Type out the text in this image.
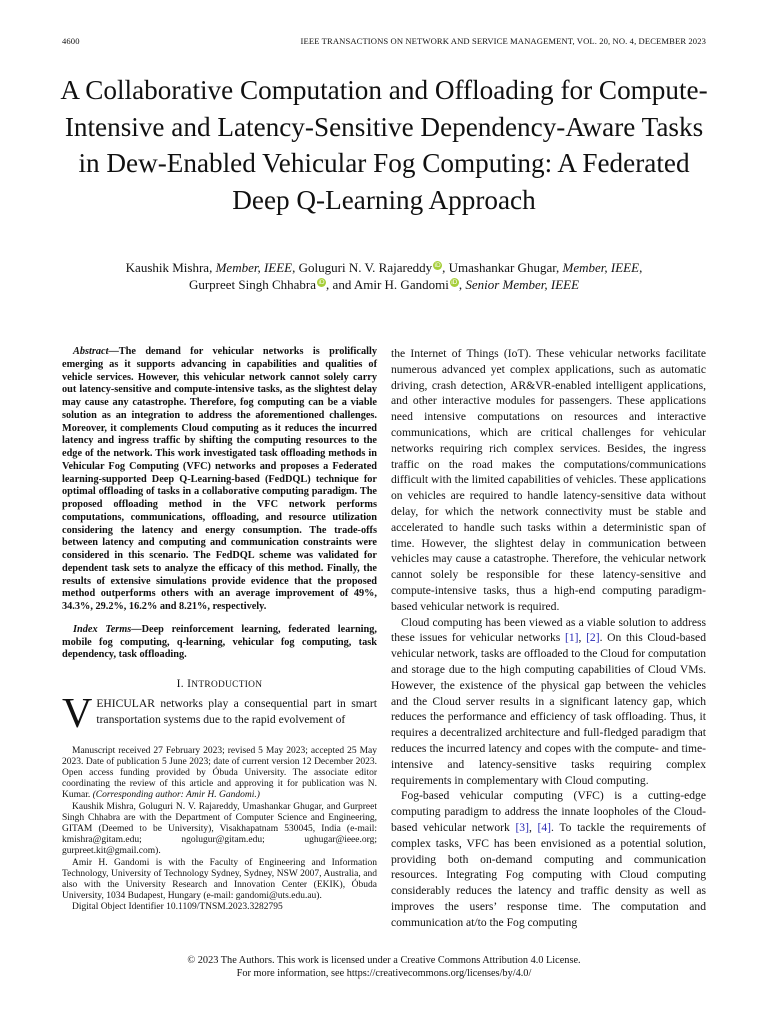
4600	IEEE TRANSACTIONS ON NETWORK AND SERVICE MANAGEMENT, VOL. 20, NO. 4, DECEMBER 2023
A Collaborative Computation and Offloading for Compute-Intensive and Latency-Sensitive Dependency-Aware Tasks in Dew-Enabled Vehicular Fog Computing: A Federated Deep Q-Learning Approach
Kaushik Mishra, Member, IEEE, Goluguri N. V. Rajareddy iD, Umashankar Ghugar, Member, IEEE,
Gurpreet Singh Chhabra iD, and Amir H. Gandomi iD, Senior Member, IEEE

Abstract—The demand for vehicular networks is prolifically emerging as it supports advancing in capabilities and qualities of vehicle services. However, this vehicular network cannot solely carry out latency-sensitive and compute-intensive tasks, as the slightest delay may cause any catastrophe. Therefore, fog computing can be a viable solution as an integration to address the aforementioned challenges. Moreover, it complements Cloud computing as it reduces the incurred latency and ingress traffic by shifting the computing resources to the edge of the network. This work investigated task offloading methods in Vehicular Fog Computing (VFC) networks and proposes a Federated learning-supported Deep Q-Learning-based (FedDQL) technique for optimal offloading of tasks in a collaborative computing paradigm. The proposed offloading method in the VFC network performs computations, communications, offloading, and resource utilization considering the latency and energy consumption. The trade-offs between latency and computing and communication constraints were considered in this scenario. The FedDQL scheme was validated for dependent task sets to analyze the efficacy of this method. Finally, the results of extensive simulations provide evidence that the proposed method outperforms others with an average improvement of 49%, 34.3%, 29.2%, 16.2% and 8.21%, respectively.

Index Terms—Deep reinforcement learning, federated learning, mobile fog computing, q-learning, vehicular fog computing, task dependency, task offloading.

I. INTRODUCTION

VEHICULAR networks play a consequential part in smart transportation systems due to the rapid evolvement of

Manuscript received 27 February 2023; revised 5 May 2023; accepted 25 May 2023. Date of publication 5 June 2023; date of current version 12 December 2023. Open access funding provided by Óbuda University. The associate editor coordinating the review of this article and approving it for publication was N. Kumar. (Corresponding author: Amir H. Gandomi.)

Kaushik Mishra, Goluguri N. V. Rajareddy, Umashankar Ghugar, and Gurpreet Singh Chhabra are with the Department of Computer Science and Engineering, GITAM (Deemed to be University), Visakhapatnam 530045, India (e-mail: kmishra@gitam.edu; ngolugur@gitam.edu; ughugar@ieee.org; gurpreet.kit@gmail.com).

Amir H. Gandomi is with the Faculty of Engineering and Information Technology, University of Technology Sydney, Sydney, NSW 2007, Australia, and also with the University Research and Innovation Center (EKIK), Óbuda University, 1034 Budapest, Hungary (e-mail: gandomi@uts.edu.au).

Digital Object Identifier 10.1109/TNSM.2023.3282795

the Internet of Things (IoT). These vehicular networks facilitate numerous advanced yet complex applications, such as automatic driving, crash detection, AR&VR-enabled intelligent applications, and other interactive modules for passengers. These applications need intensive computations on resources and interactive communications, which are critical challenges for vehicular networks requiring rich complex services. Besides, the ingress traffic on the road makes the computations/communications difficult with the limited capabilities of vehicles. These applications on vehicles are required to handle latency-sensitive data without delay, for which the network connectivity must be stable and accelerated to handle such tasks within a deterministic span of time. However, the slightest delay in communication between vehicles may cause a catastrophe. Therefore, the vehicular network cannot solely be responsible for these latency-sensitive and compute-intensive tasks, thus a high-end computing paradigm-based vehicular network is required.

Cloud computing has been viewed as a viable solution to address these issues for vehicular networks [1], [2]. On this Cloud-based vehicular network, tasks are offloaded to the Cloud for computation and storage due to the high computing capabilities of Cloud VMs. However, the existence of the physical gap between the vehicles and the Cloud server results in a significant latency gap, which reduces the performance and efficiency of task offloading. Thus, it requires a decentralized architecture and full-fledged paradigm that reduces the incurred latency and copes with the compute- and time-intensive and latency-sensitive tasks requiring complex requirements in complementary with Cloud computing.

Fog-based vehicular computing (VFC) is a cutting-edge computing paradigm to address the innate loopholes of the Cloud-based vehicular network [3], [4]. To tackle the requirements of complex tasks, VFC has been envisioned as a potential solution, providing both on-demand computing and communication resources. Integrating Fog computing with Cloud computing considerably reduces the latency and traffic density as well as improves the users’ response time. The computation and communication at/to the Fog computing

© 2023 The Authors. This work is licensed under a Creative Commons Attribution 4.0 License.
For more information, see https://creativecommons.org/licenses/by/4.0/
